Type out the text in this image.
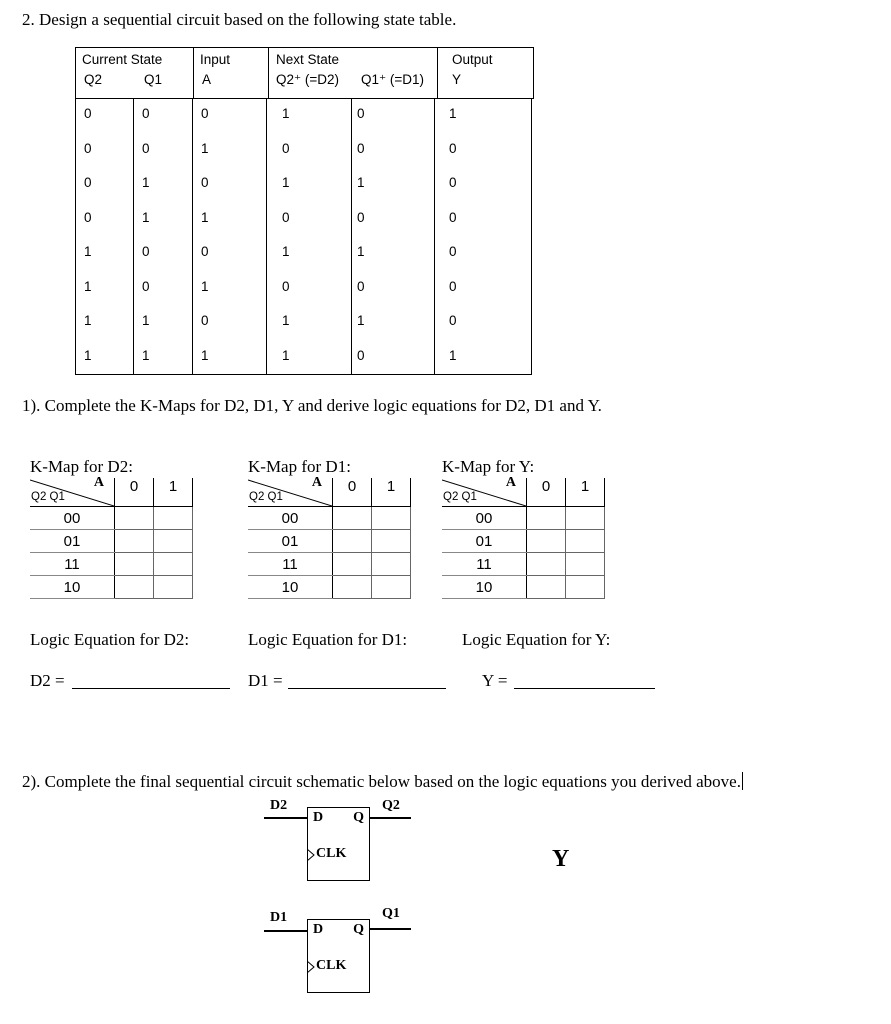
2. Design a sequential circuit based on the following state table.
Current State
Q2	Q1

Input
A

Next State
Q2⁺ (=D2) Q1⁺ (=D1)

Output
Y
0	0	0	1	0	1
0	0	1	0	0	0
0	1	0	1	1	0
0	1	1	0	0	0
1	0	0	1	1	0
1	0	1	0	0	0
1	1	0	1	1	0
1	1	1	1	0	1
1). Complete the K-Maps for D2, D1, Y and derive logic equations for D2, D1 and Y.
K-Map for D2:
A
Q2 Q1	0	1
00		
01		
11		
10		
K-Map for D1:
A
Q2 Q1	0	1
00		
01		
11		
10		
K-Map for Y:
A
Q2 Q1	0	1
00		
01		
11		
10		
Logic Equation for D2:	Logic Equation for D1:	Logic Equation for Y:
D2 =	D1 =	Y =
2). Complete the final sequential circuit schematic below based on the logic equations you derived above.
D2	Q2
D Q
CLK	Y
D1	Q1
D Q
CLK
